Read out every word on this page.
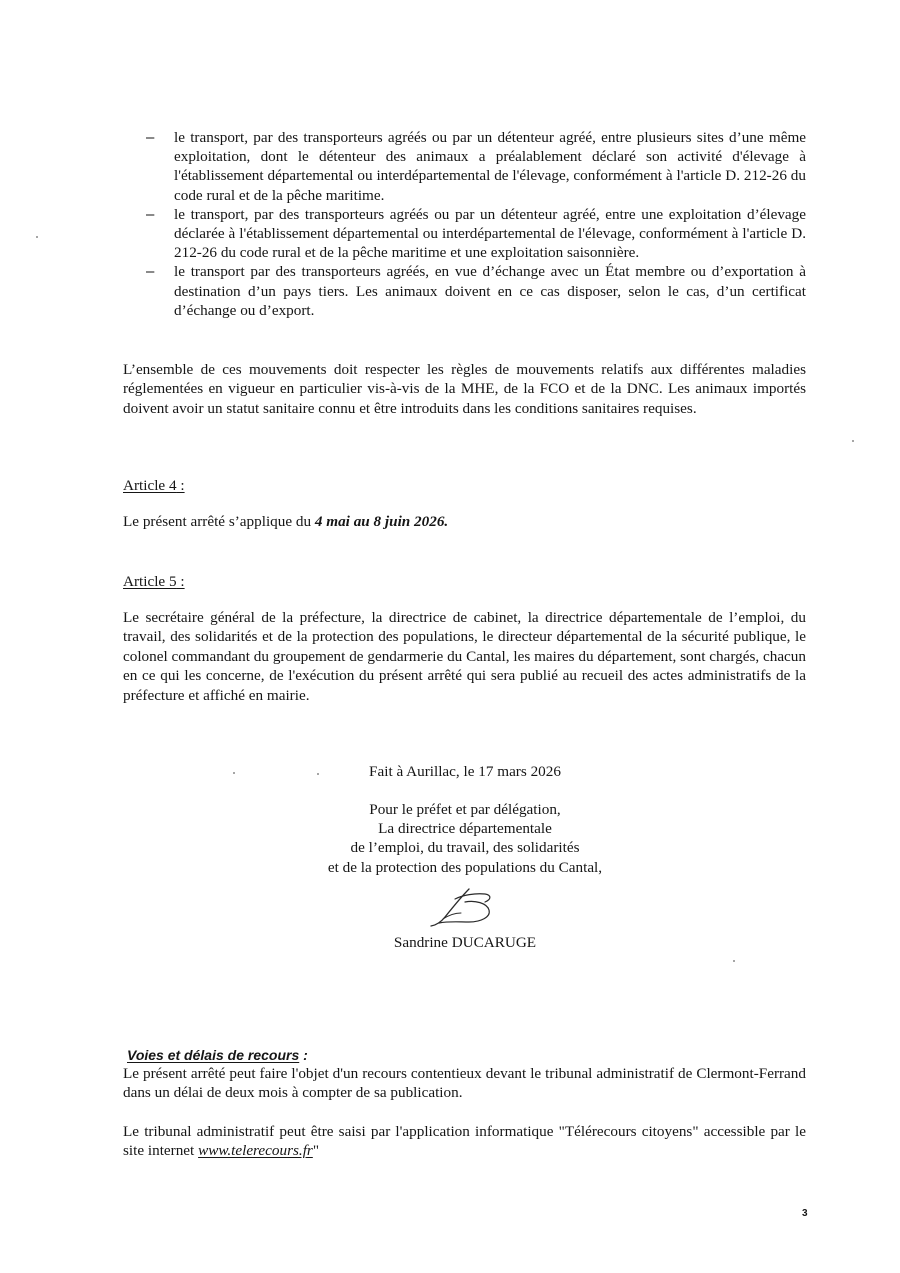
– le transport, par des transporteurs agréés ou par un détenteur agréé, entre plusieurs sites d’une même exploitation, dont le détenteur des animaux a préalablement déclaré son activité d'élevage à l'établissement départemental ou interdépartemental de l'élevage, conformément à l'article D. 212-26 du code rural et de la pêche maritime.
– le transport, par des transporteurs agréés ou par un détenteur agréé, entre une exploitation d’élevage déclarée à l'établissement départemental ou interdépartemental de l'élevage, conformément à l'article D. 212-26 du code rural et de la pêche maritime et une exploitation saisonnière.
– le transport par des transporteurs agréés, en vue d’échange avec un État membre ou d’exportation à destination d’un pays tiers. Les animaux doivent en ce cas disposer, selon le cas, d’un certificat d’échange ou d’export.

L’ensemble de ces mouvements doit respecter les règles de mouvements relatifs aux différentes maladies réglementées en vigueur en particulier vis-à-vis de la MHE, de la FCO et de la DNC. Les animaux importés doivent avoir un statut sanitaire connu et être introduits dans les conditions sanitaires requises.

Article 4 :

Le présent arrêté s’applique du 4 mai au 8 juin 2026.

Article 5 :

Le secrétaire général de la préfecture, la directrice de cabinet, la directrice départementale de l’emploi, du travail, des solidarités et de la protection des populations, le directeur départemental de la sécurité publique, le colonel commandant du groupement de gendarmerie du Cantal, les maires du département, sont chargés, chacun en ce qui les concerne, de l'exécution du présent arrêté qui sera publié au recueil des actes administratifs de la préfecture et affiché en mairie.

Fait à Aurillac, le 17 mars 2026

Pour le préfet et par délégation,
La directrice départementale
de l’emploi, du travail, des solidarités
et de la protection des populations du Cantal,

Sandrine DUCARUGE

Voies et délais de recours :

Le présent arrêté peut faire l'objet d'un recours contentieux devant le tribunal administratif de Clermont-Ferrand dans un délai de deux mois à compter de sa publication.

Le tribunal administratif peut être saisi par l'application informatique "Télérecours citoyens" accessible par le site internet www.telerecours.fr"

3
